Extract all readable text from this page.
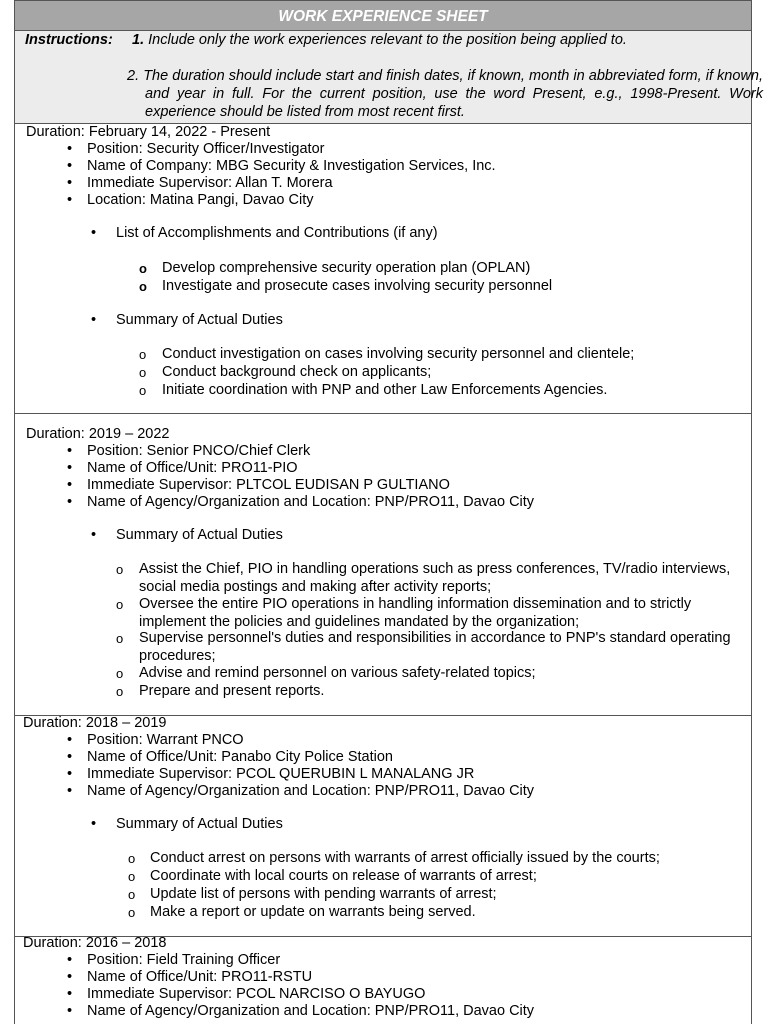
WORK EXPERIENCE SHEET
Instructions: 1. Include only the work experiences relevant to the position being applied to.
2. The duration should include start and finish dates, if known, month in abbreviated form, if known, and year in full. For the current position, use the word Present, e.g., 1998-Present. Work experience should be listed from most recent first.
Duration: February 14, 2022 - Present
•
Position: Security Officer/Investigator
•
Name of Company: MBG Security & Investigation Services, Inc.
•
Immediate Supervisor: Allan T. Morera
•
Location: Matina Pangi, Davao City
•
List of Accomplishments and Contributions (if any)
o Develop comprehensive security operation plan (OPLAN)
o Investigate and prosecute cases involving security personnel
•
Summary of Actual Duties
o Conduct investigation on cases involving security personnel and clientele;
o Conduct background check on applicants;
o Initiate coordination with PNP and other Law Enforcements Agencies.
Duration: 2019 – 2022
•
Position: Senior PNCO/Chief Clerk
•
Name of Office/Unit: PRO11-PIO
•
Immediate Supervisor: PLTCOL EUDISAN P GULTIANO
•
Name of Agency/Organization and Location: PNP/PRO11, Davao City
•
Summary of Actual Duties
o Assist the Chief, PIO in handling operations such as press conferences, TV/radio interviews, social media postings and making after activity reports;
o Oversee the entire PIO operations in handling information dissemination and to strictly implement the policies and guidelines mandated by the organization;
o Supervise personnel's duties and responsibilities in accordance to PNP's standard operating procedures;
o Advise and remind personnel on various safety-related topics;
o Prepare and present reports.
Duration: 2018 – 2019
•
Position: Warrant PNCO
•
Name of Office/Unit: Panabo City Police Station
•
Immediate Supervisor: PCOL QUERUBIN L MANALANG JR
•
Name of Agency/Organization and Location: PNP/PRO11, Davao City
•
Summary of Actual Duties
o Conduct arrest on persons with warrants of arrest officially issued by the courts;
o Coordinate with local courts on release of warrants of arrest;
o Update list of persons with pending warrants of arrest;
o Make a report or update on warrants being served.
Duration: 2016 – 2018
•
Position: Field Training Officer
•
Name of Office/Unit: PRO11-RSTU
•
Immediate Supervisor: PCOL NARCISO O BAYUGO
•
Name of Agency/Organization and Location: PNP/PRO11, Davao City
